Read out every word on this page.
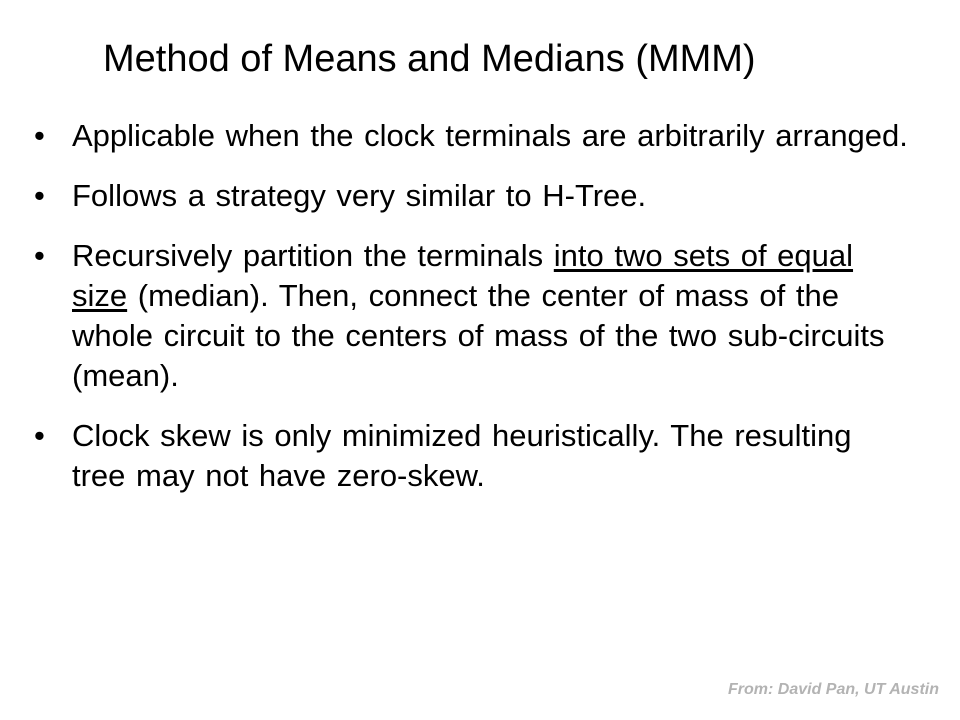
Method of Means and Medians (MMM)
• Applicable when the clock terminals are arbitrarily arranged.
• Follows a strategy very similar to H-Tree.
• Recursively partition the terminals into two sets of equal size (median). Then, connect the center of mass of the whole circuit to the centers of mass of the two sub-circuits (mean).
• Clock skew is only minimized heuristically. The resulting tree may not have zero-skew.
From: David Pan, UT Austin
